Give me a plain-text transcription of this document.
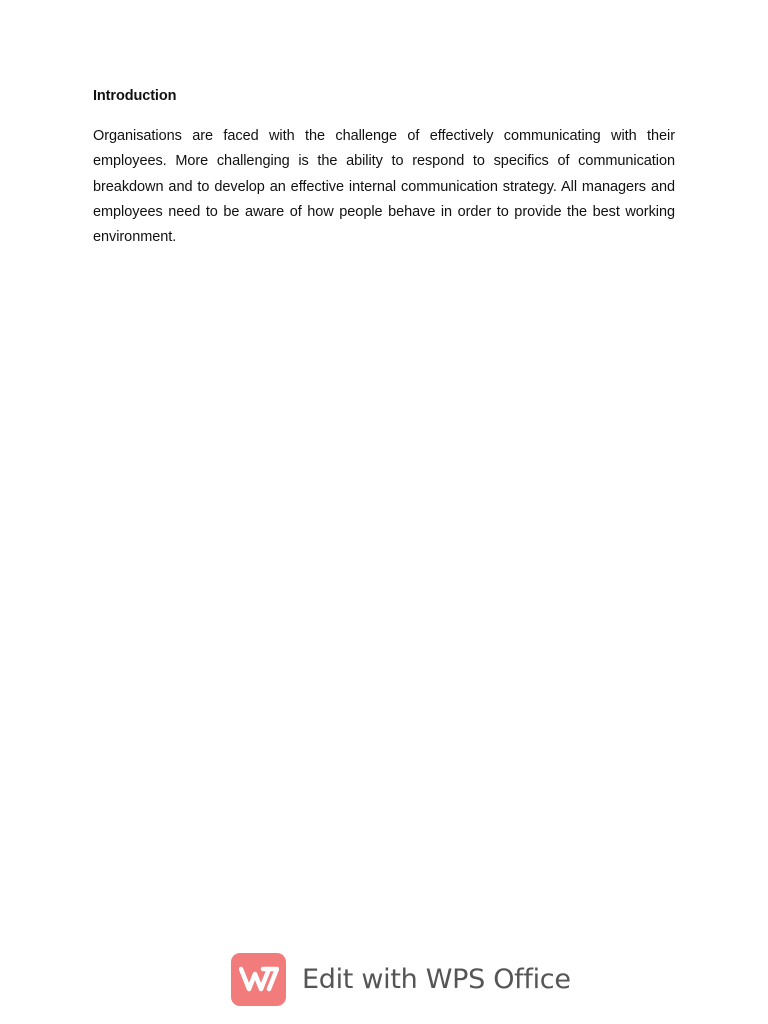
Introduction

Organisations are faced with the challenge of effectively communicating with their employees. More challenging is the ability to respond to specifics of communication breakdown and to develop an effective internal communication strategy. All managers and employees need to be aware of how people behave in order to provide the best working environment.

Edit with WPS Office
